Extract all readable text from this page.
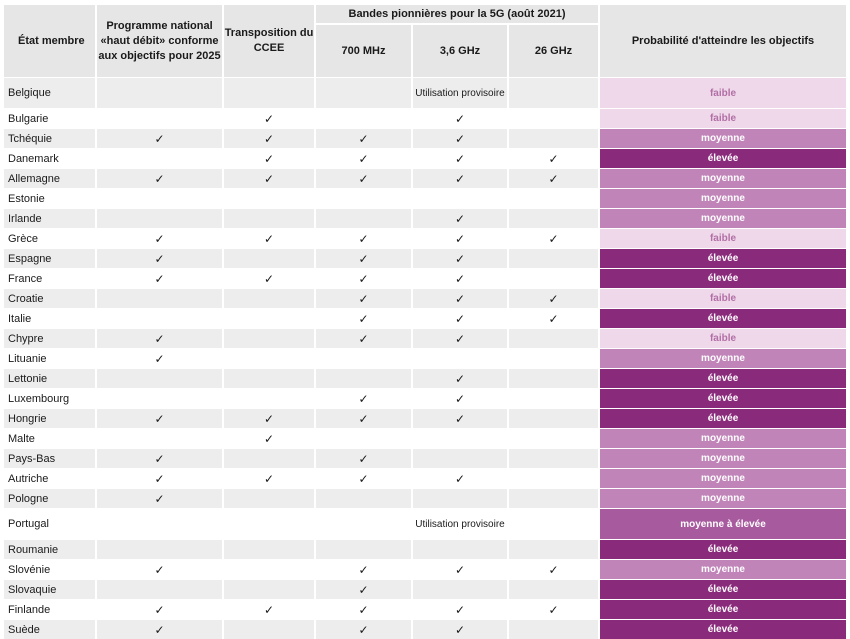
État membre	Programme national «haut débit» conforme aux objectifs pour 2025	Transposition du CCEE	Bandes pionnières pour la 5G (août 2021)			Probabilité d'atteindre les objectifs
			700 MHz	3,6 GHz	26 GHz	
Belgique				Utilisation provisoire		faible
Bulgarie		✓		✓		faible
Tchéquie	✓	✓	✓	✓		moyenne
Danemark		✓	✓	✓	✓	élevée
Allemagne	✓	✓	✓	✓	✓	moyenne
Estonie						moyenne
Irlande				✓		moyenne
Grèce	✓	✓	✓	✓	✓	faible
Espagne	✓		✓	✓		élevée
France	✓	✓	✓	✓		élevée
Croatie			✓	✓	✓	faible
Italie			✓	✓	✓	élevée
Chypre	✓		✓	✓		faible
Lituanie	✓					moyenne
Lettonie				✓		élevée
Luxembourg			✓	✓		élevée
Hongrie	✓	✓	✓	✓		élevée
Malte		✓				moyenne
Pays-Bas	✓		✓			moyenne
Autriche	✓	✓	✓	✓		moyenne
Pologne	✓					moyenne
Portugal				Utilisation provisoire		moyenne à élevée
Roumanie						élevée
Slovénie	✓		✓	✓	✓	moyenne
Slovaquie			✓			élevée
Finlande	✓	✓	✓	✓	✓	élevée
Suède	✓		✓	✓		élevée
